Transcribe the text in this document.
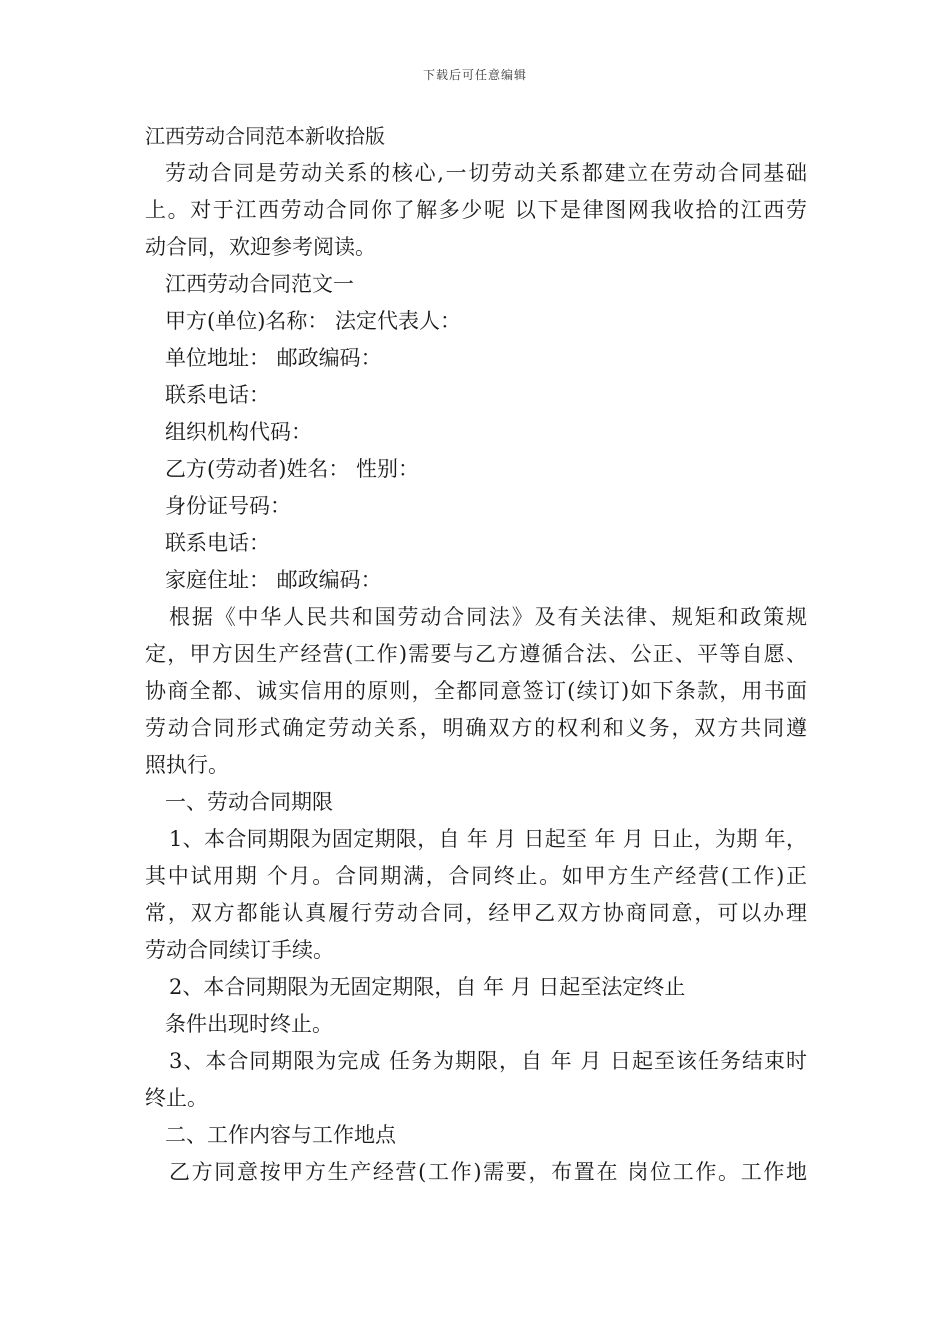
下载后可任意编辑
江西劳动合同范本新收拾版
劳动合同是劳动关系的核心,一切劳动关系都建立在劳动合同基础
上。对于江西劳动合同你了解多少呢 以下是律图网我收拾的江西劳
动合同，欢迎参考阅读。
江西劳动合同范文一
甲方(单位)名称： 法定代表人：
单位地址： 邮政编码：
联系电话：
组织机构代码：
乙方(劳动者)姓名： 性别：
身份证号码：
联系电话：
家庭住址： 邮政编码：
根据《中华人民共和国劳动合同法》及有关法律、规矩和政策规
定，甲方因生产经营(工作)需要与乙方遵循合法、公正、平等自愿、
协商全都、诚实信用的原则，全都同意签订(续订)如下条款，用书面
劳动合同形式确定劳动关系，明确双方的权利和义务，双方共同遵
照执行。
一、劳动合同期限
1、本合同期限为固定期限，自 年 月 日起至 年 月 日止，为期 年，
其中试用期 个月。合同期满，合同终止。如甲方生产经营(工作)正
常，双方都能认真履行劳动合同，经甲乙双方协商同意，可以办理
劳动合同续订手续。
2、本合同期限为无固定期限，自 年 月 日起至法定终止
条件出现时终止。
3、本合同期限为完成 任务为期限，自 年 月 日起至该任务结束时
终止。
二、工作内容与工作地点
乙方同意按甲方生产经营(工作)需要，布置在 岗位工作。工作地
